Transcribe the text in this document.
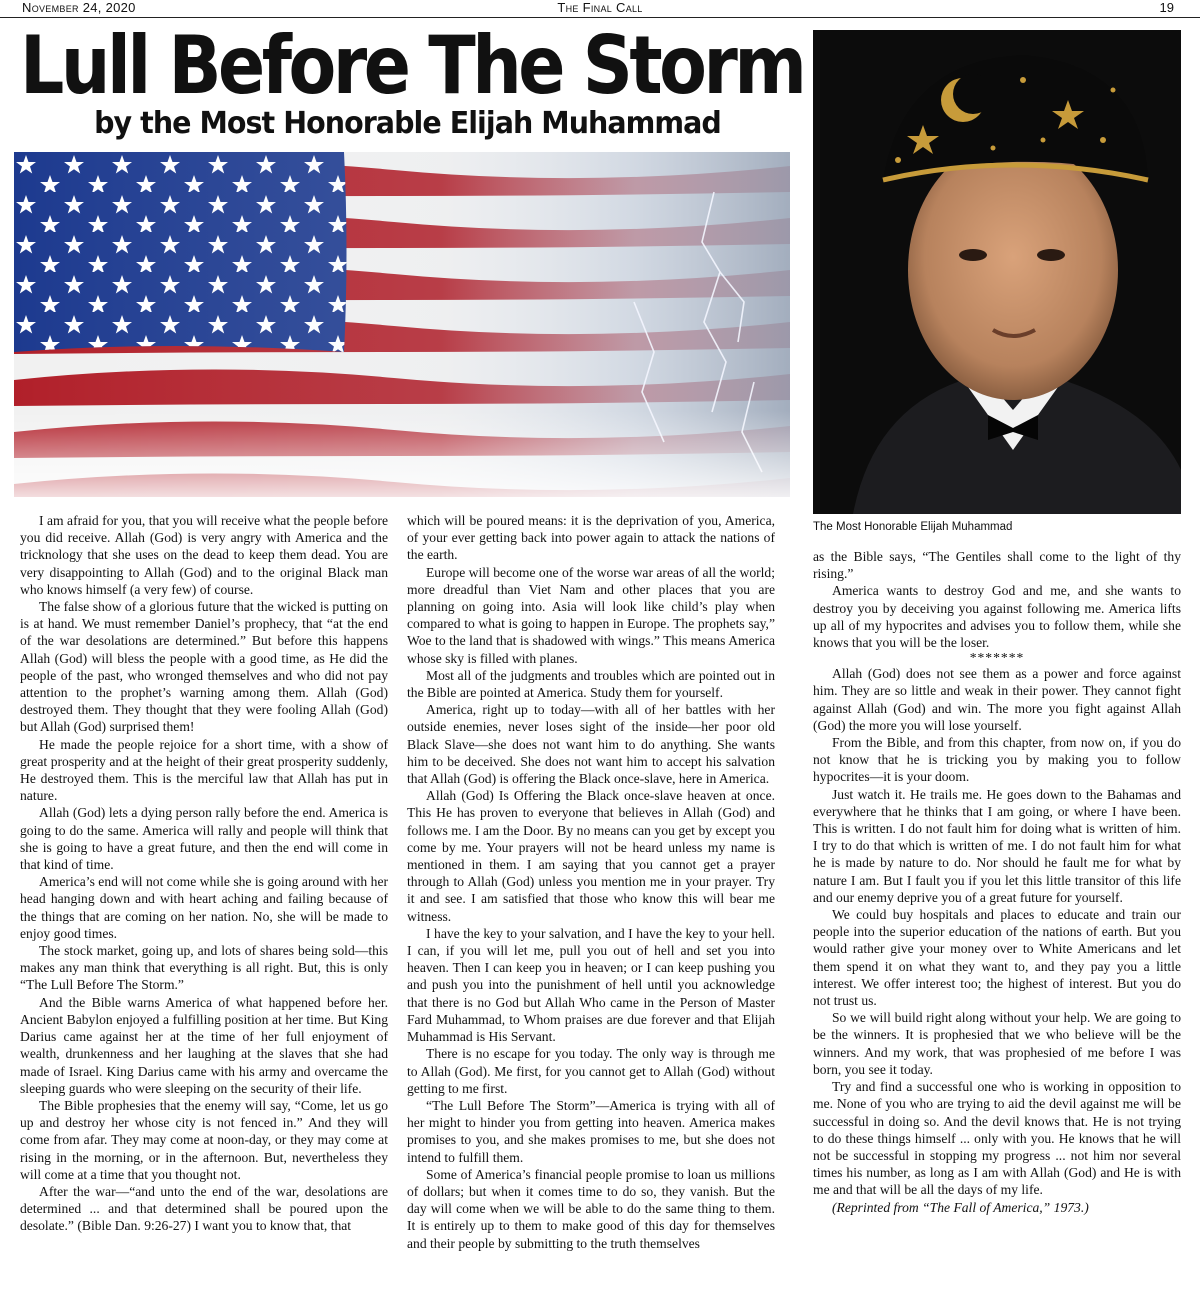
November 24, 2020	The Final Call	19
Lull Before The Storm
by the Most Honorable Elijah Muhammad
The Most Honorable Elijah Muhammad

I am afraid for you, that you will receive what the people before you did receive. Allah (God) is very angry with America and the tricknology that she uses on the dead to keep them dead. You are very disappointing to Allah (God) and to the original Black man who knows himself (a very few) of course.

The false show of a glorious future that the wicked is putting on is at hand. We must remember Daniel’s prophecy, that “at the end of the war desolations are determined.” But before this happens Allah (God) will bless the people with a good time, as He did the people of the past, who wronged themselves and who did not pay attention to the prophet’s warning among them. Allah (God) destroyed them. They thought that they were fooling Allah (God) but Allah (God) surprised them!

He made the people rejoice for a short time, with a show of great prosperity and at the height of their great prosperity suddenly, He destroyed them. This is the merciful law that Allah has put in nature.

Allah (God) lets a dying person rally before the end. America is going to do the same. America will rally and people will think that she is going to have a great future, and then the end will come in that kind of time.

America’s end will not come while she is going around with her head hanging down and with heart aching and failing because of the things that are coming on her nation. No, she will be made to enjoy good times.

The stock market, going up, and lots of shares being sold—this makes any man think that everything is all right. But, this is only “The Lull Before The Storm.”

And the Bible warns America of what happened before her. Ancient Babylon enjoyed a fulfilling position at her time. But King Darius came against her at the time of her full enjoyment of wealth, drunkenness and her laughing at the slaves that she had made of Israel. King Darius came with his army and overcame the sleeping guards who were sleeping on the security of their life.

The Bible prophesies that the enemy will say, “Come, let us go up and destroy her whose city is not fenced in.” And they will come from afar. They may come at noon-day, or they may come at rising in the morning, or in the afternoon. But, nevertheless they will come at a time that you thought not.

After the war—“and unto the end of the war, desolations are determined ... and that determined shall be poured upon the desolate.” (Bible Dan. 9:26-27) I want you to know that, that

which will be poured means: it is the deprivation of you, America, of your ever getting back into power again to attack the nations of the earth.

Europe will become one of the worse war areas of all the world; more dreadful than Viet Nam and other places that you are planning on going into. Asia will look like child’s play when compared to what is going to happen in Europe. The prophets say,” Woe to the land that is shadowed with wings.” This means America whose sky is filled with planes.

Most all of the judgments and troubles which are pointed out in the Bible are pointed at America. Study them for yourself.

America, right up to today—with all of her battles with her outside enemies, never loses sight of the inside—her poor old Black Slave—she does not want him to do anything. She wants him to be deceived. She does not want him to accept his salvation that Allah (God) is offering the Black once-slave, here in America.

Allah (God) Is Offering the Black once-slave heaven at once. This He has proven to everyone that believes in Allah (God) and follows me. I am the Door. By no means can you get by except you come by me. Your prayers will not be heard unless my name is mentioned in them. I am saying that you cannot get a prayer through to Allah (God) unless you mention me in your prayer. Try it and see. I am satisfied that those who know this will bear me witness.

I have the key to your salvation, and I have the key to your hell. I can, if you will let me, pull you out of hell and set you into heaven. Then I can keep you in heaven; or I can keep pushing you and push you into the punishment of hell until you acknowledge that there is no God but Allah Who came in the Person of Master Fard Muhammad, to Whom praises are due forever and that Elijah Muhammad is His Servant.

There is no escape for you today. The only way is through me to Allah (God). Me first, for you cannot get to Allah (God) without getting to me first.

“The Lull Before The Storm”—America is trying with all of her might to hinder you from getting into heaven. America makes promises to you, and she makes promises to me, but she does not intend to fulfill them.

Some of America’s financial people promise to loan us millions of dollars; but when it comes time to do so, they vanish. But the day will come when we will be able to do the same thing to them. It is entirely up to them to make good of this day for themselves and their people by submitting to the truth themselves

as the Bible says, “The Gentiles shall come to the light of thy rising.”

America wants to destroy God and me, and she wants to destroy you by deceiving you against following me. America lifts up all of my hypocrites and advises you to follow them, while she knows that you will be the loser.

*******

Allah (God) does not see them as a power and force against him. They are so little and weak in their power. They cannot fight against Allah (God) and win. The more you fight against Allah (God) the more you will lose yourself.

From the Bible, and from this chapter, from now on, if you do not know that he is tricking you by making you to follow hypocrites—it is your doom.

Just watch it. He trails me. He goes down to the Bahamas and everywhere that he thinks that I am going, or where I have been. This is written. I do not fault him for doing what is written of him. I try to do that which is written of me. I do not fault him for what he is made by nature to do. Nor should he fault me for what by nature I am. But I fault you if you let this little transitor of this life and our enemy deprive you of a great future for yourself.

We could buy hospitals and places to educate and train our people into the superior education of the nations of earth. But you would rather give your money over to White Americans and let them spend it on what they want to, and they pay you a little interest. We offer interest too; the highest of interest. But you do not trust us.

So we will build right along without your help. We are going to be the winners. It is prophesied that we who believe will be the winners. And my work, that was prophesied of me before I was born, you see it today.

Try and find a successful one who is working in opposition to me. None of you who are trying to aid the devil against me will be successful in doing so. And the devil knows that. He is not trying to do these things himself ... only with you. He knows that he will not be successful in stopping my progress ... not him nor several times his number, as long as I am with Allah (God) and He is with me and that will be all the days of my life.

(Reprinted from “The Fall of America,” 1973.)
